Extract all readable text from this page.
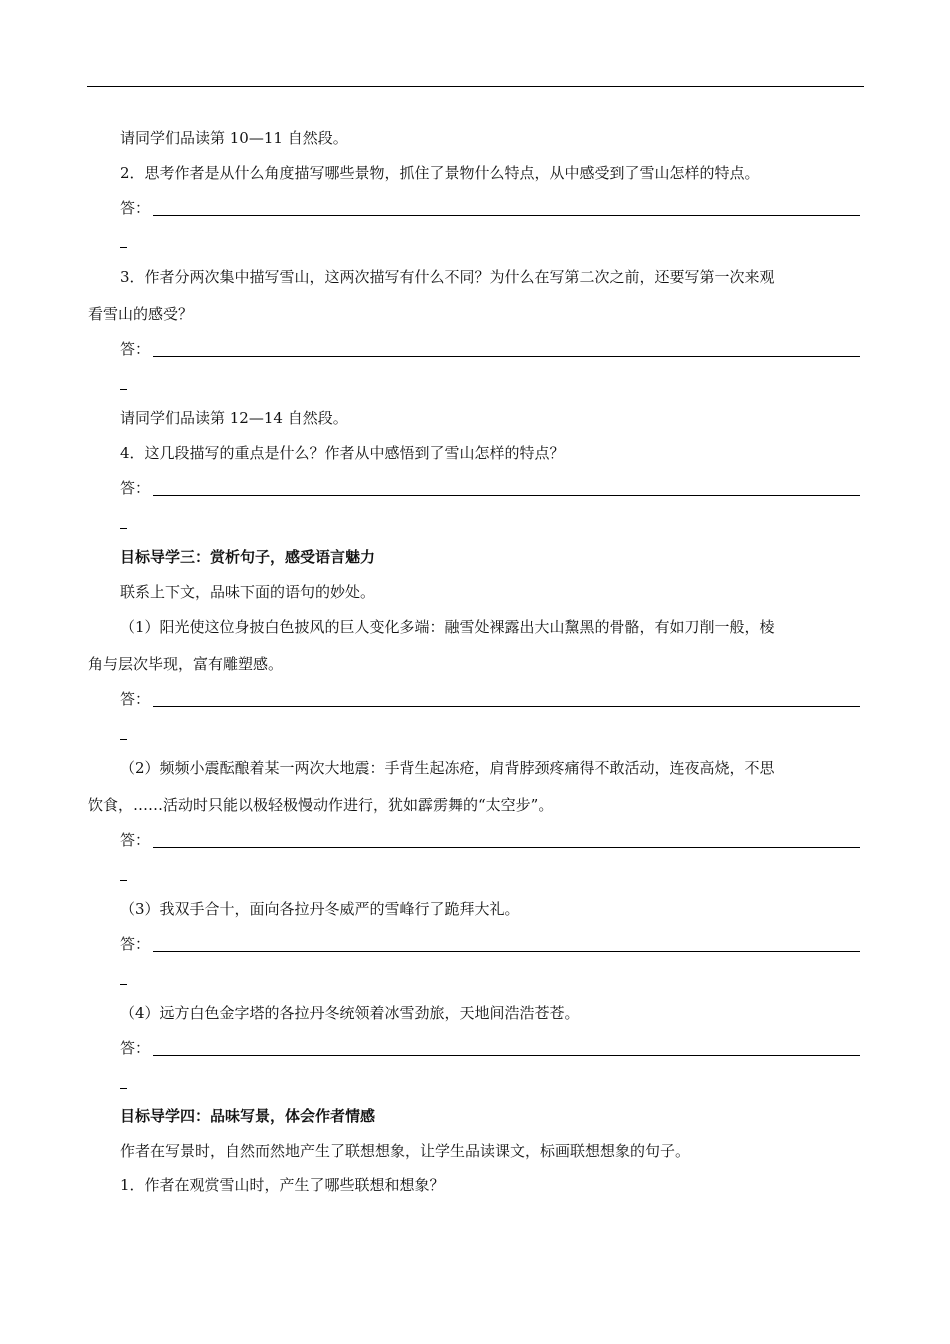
请同学们品读第 10—11 自然段。
2．思考作者是从什么角度描写哪些景物，抓住了景物什么特点，从中感受到了雪山怎样的特点。
答：
3．作者分两次集中描写雪山，这两次描写有什么不同？为什么在写第二次之前，还要写第一次来观
看雪山的感受？
答：
请同学们品读第 12—14 自然段。
4．这几段描写的重点是什么？作者从中感悟到了雪山怎样的特点？
答：
目标导学三：赏析句子，感受语言魅力
联系上下文，品味下面的语句的妙处。
（1）阳光使这位身披白色披风的巨人变化多端：融雪处裸露出大山黧黑的骨骼，有如刀削一般，棱
角与层次毕现，富有雕塑感。
答：
（2）频频小震酝酿着某一两次大地震：手背生起冻疮，肩背脖颈疼痛得不敢活动，连夜高烧，不思
饮食，……活动时只能以极轻极慢动作进行，犹如霹雳舞的“太空步”。
答：
（3）我双手合十，面向各拉丹冬威严的雪峰行了跪拜大礼。
答：
（4）远方白色金字塔的各拉丹冬统领着冰雪劲旅，天地间浩浩苍苍。
答：
目标导学四：品味写景，体会作者情感
作者在写景时，自然而然地产生了联想想象，让学生品读课文，标画联想想象的句子。
1．作者在观赏雪山时，产生了哪些联想和想象？
